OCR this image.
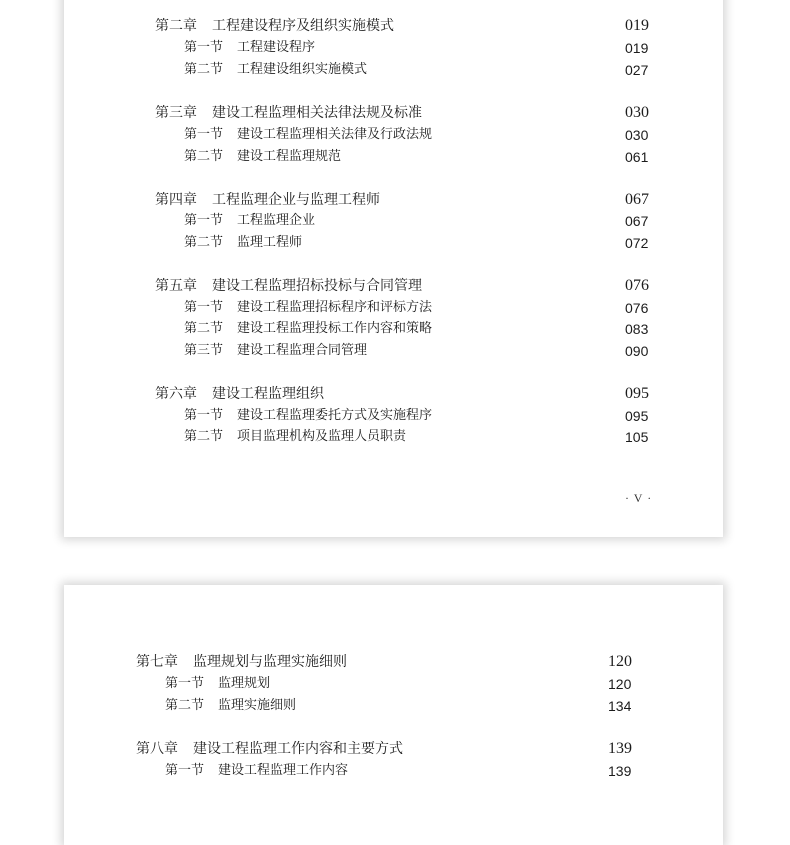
第二章 工程建设程序及组织实施模式	019
第一节 工程建设程序	019
第二节 工程建设组织实施模式	027
第三章 建设工程监理相关法律法规及标准	030
第一节 建设工程监理相关法律及行政法规	030
第二节 建设工程监理规范	061
第四章 工程监理企业与监理工程师	067
第一节 工程监理企业	067
第二节 监理工程师	072
第五章 建设工程监理招标投标与合同管理	076
第一节 建设工程监理招标程序和评标方法	076
第二节 建设工程监理投标工作内容和策略	083
第三节 建设工程监理合同管理	090
第六章 建设工程监理组织	095
第一节 建设工程监理委托方式及实施程序	095
第二节 项目监理机构及监理人员职责	105
· V ·
第七章 监理规划与监理实施细则	120
第一节 监理规划	120
第二节 监理实施细则	134
第八章 建设工程监理工作内容和主要方式	139
第一节 建设工程监理工作内容	139
